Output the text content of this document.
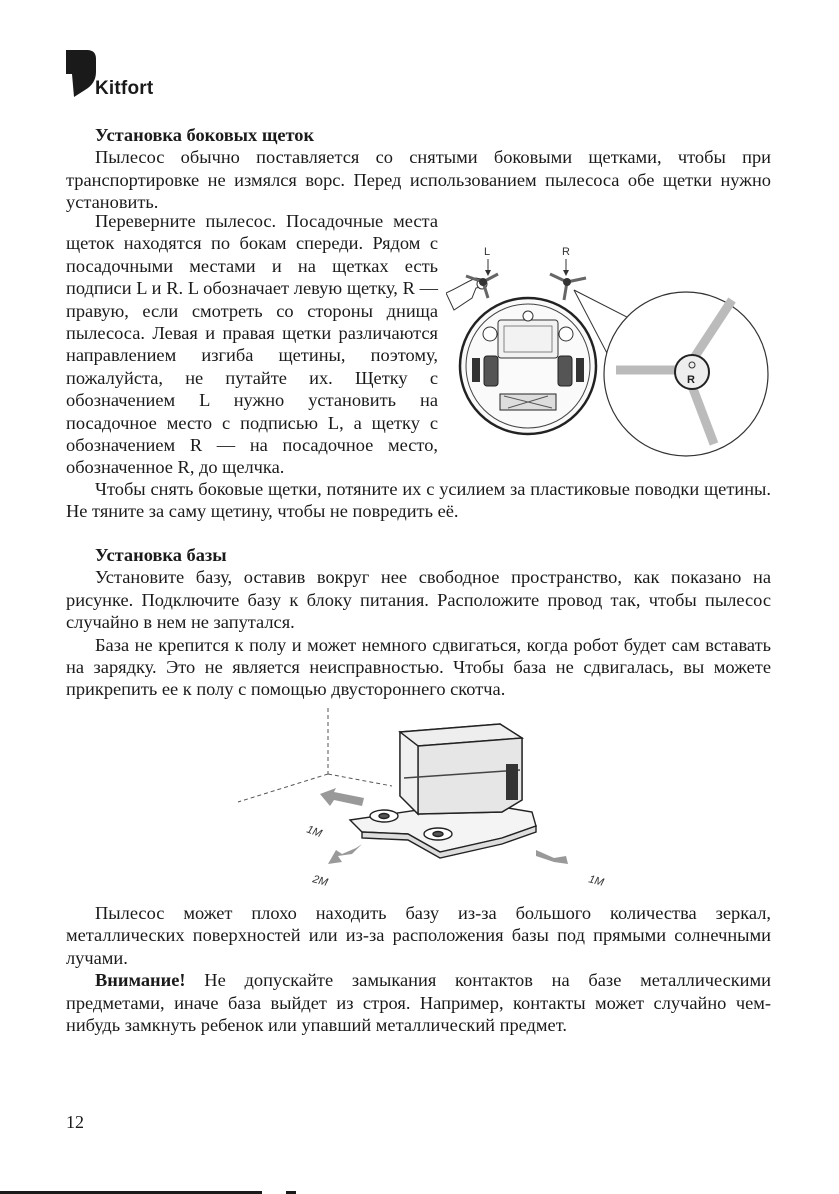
Kitfort

Установка боковых щеток

Пылесос обычно поставляется со снятыми боковыми щетками, чтобы при транспортировке не измялся ворс. Перед использованием пылесоса обе щетки нужно установить.

Переверните пылесос. Посадочные места щеток находятся по бокам спереди. Рядом с посадочными местами и на щетках есть подписи L и R. L обозначает левую щетку, R — правую, если смотреть со стороны днища пылесоса. Левая и правая щетки различаются направлением изгиба щетины, поэтому, пожалуйста, не путайте их. Щетку с обозначением L нужно установить на посадочное место с подписью L, а щетку с обозначением R — на посадочное место, обозначенное R, до щелчка.

L	R
R

Чтобы снять боковые щетки, потяните их с усилием за пластиковые поводки щетины. Не тяните за саму щетину, чтобы не повредить её.

Установка базы

Установите базу, оставив вокруг нее свободное пространство, как показано на рисунке. Подключите базу к блоку питания. Расположите провод так, чтобы пылесос случайно в нем не запутался.

База не крепится к полу и может немного сдвигаться, когда робот будет сам вставать на зарядку. Это не является неисправностью. Чтобы база не сдвигалась, вы можете прикрепить ее к полу с помощью двустороннего скотча.

1M
2M	1M

Пылесос может плохо находить базу из-за большого количества зеркал, металлических поверхностей или из-за расположения базы под прямыми солнечными лучами.

Внимание! Не допускайте замыкания контактов на базе металлическими предметами, иначе база выйдет из строя. Например, контакты может случайно чем-нибудь замкнуть ребенок или упавший металлический предмет.

12
